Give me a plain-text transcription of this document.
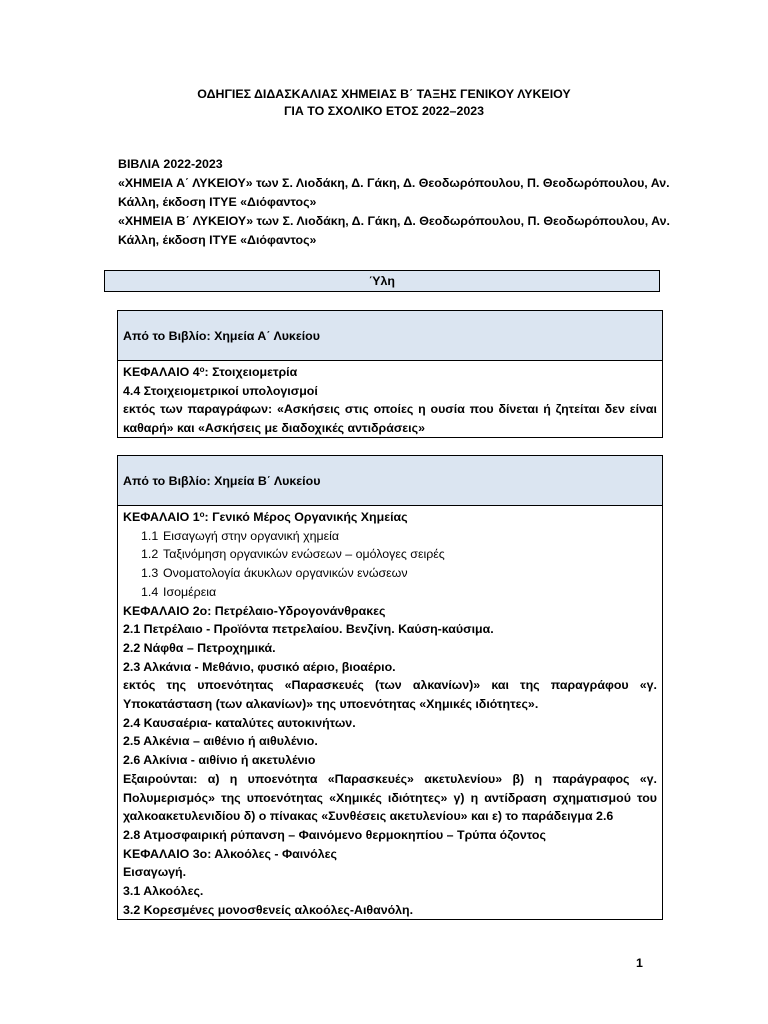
ΟΔΗΓΙΕΣ ΔΙΔΑΣΚΑΛΙΑΣ ΧΗΜΕΙΑΣ Β΄ ΤΑΞΗΣ ΓΕΝΙΚΟΥ ΛΥΚΕΙΟΥ
ΓΙΑ ΤΟ ΣΧΟΛΙΚΟ ΕΤΟΣ 2022–2023
ΒΙΒΛΙΑ 2022-2023
«ΧΗΜΕΙΑ Α΄ ΛΥΚΕΙΟΥ» των Σ. Λιοδάκη, Δ. Γάκη, Δ. Θεοδωρόπουλου, Π. Θεοδωρόπουλου, Αν.
Κάλλη, έκδοση ΙΤΥΕ «Διόφαντος»
«ΧΗΜΕΙΑ Β΄ ΛΥΚΕΙΟΥ» των Σ. Λιοδάκη, Δ. Γάκη, Δ. Θεοδωρόπουλου, Π. Θεοδωρόπουλου, Αν.
Κάλλη, έκδοση ΙΤΥΕ «Διόφαντος»
Ύλη
Από το Βιβλίο: Χημεία Α΄ Λυκείου
ΚΕΦΑΛΑΙΟ $4^o$: Στοιχειομετρία
4.4 Στοιχειομετρικοί υπολογισμοί
εκτός των παραγράφων: «Ασκήσεις στις οποίες η ουσία που δίνεται ή ζητείται δεν είναι καθαρή» και «Ασκήσεις με διαδοχικές αντιδράσεις»
Από το Βιβλίο: Χημεία Β΄ Λυκείου
ΚΕΦΑΛΑΙΟ $1^o$: Γενικό Μέρος Οργανικής Χημείας
1.1 Εισαγωγή στην οργανική χημεία
1.2 Ταξινόμηση οργανικών ενώσεων – ομόλογες σειρές
1.3 Ονοματολογία άκυκλων οργανικών ενώσεων
1.4 Ισομέρεια
ΚΕΦΑΛΑΙΟ 2ο: Πετρέλαιο-Υδρογονάνθρακες
2.1 Πετρέλαιο - Προϊόντα πετρελαίου. Βενζίνη. Καύση-καύσιμα.
2.2 Νάφθα – Πετροχημικά.
2.3 Αλκάνια - Μεθάνιο, φυσικό αέριο, βιοαέριο.
εκτός της υποενότητας «Παρασκευές (των αλκανίων)» και της παραγράφου «γ. Υποκατάσταση (των αλκανίων)» της υποενότητας «Χημικές ιδιότητες».
2.4 Καυσαέρια- καταλύτες αυτοκινήτων.
2.5 Αλκένια – αιθένιο ή αιθυλένιο.
2.6 Αλκίνια - αιθίνιο ή ακετυλένιο
Εξαιρούνται: α) η υποενότητα «Παρασκευές» ακετυλενίου» β) η παράγραφος «γ. Πολυμερισμός» της υποενότητας «Χημικές ιδιότητες» γ) η αντίδραση σχηματισμού του χαλκοακετυλενιδίου δ) ο πίνακας «Συνθέσεις ακετυλενίου» και ε) το παράδειγμα 2.6
2.8 Ατμοσφαιρική ρύπανση – Φαινόμενο θερμοκηπίου – Τρύπα όζοντος
ΚΕΦΑΛΑΙΟ 3ο: Αλκοόλες - Φαινόλες
Εισαγωγή.
3.1 Αλκοόλες.
3.2 Κορεσμένες μονοσθενείς αλκοόλες-Αιθανόλη.
1
